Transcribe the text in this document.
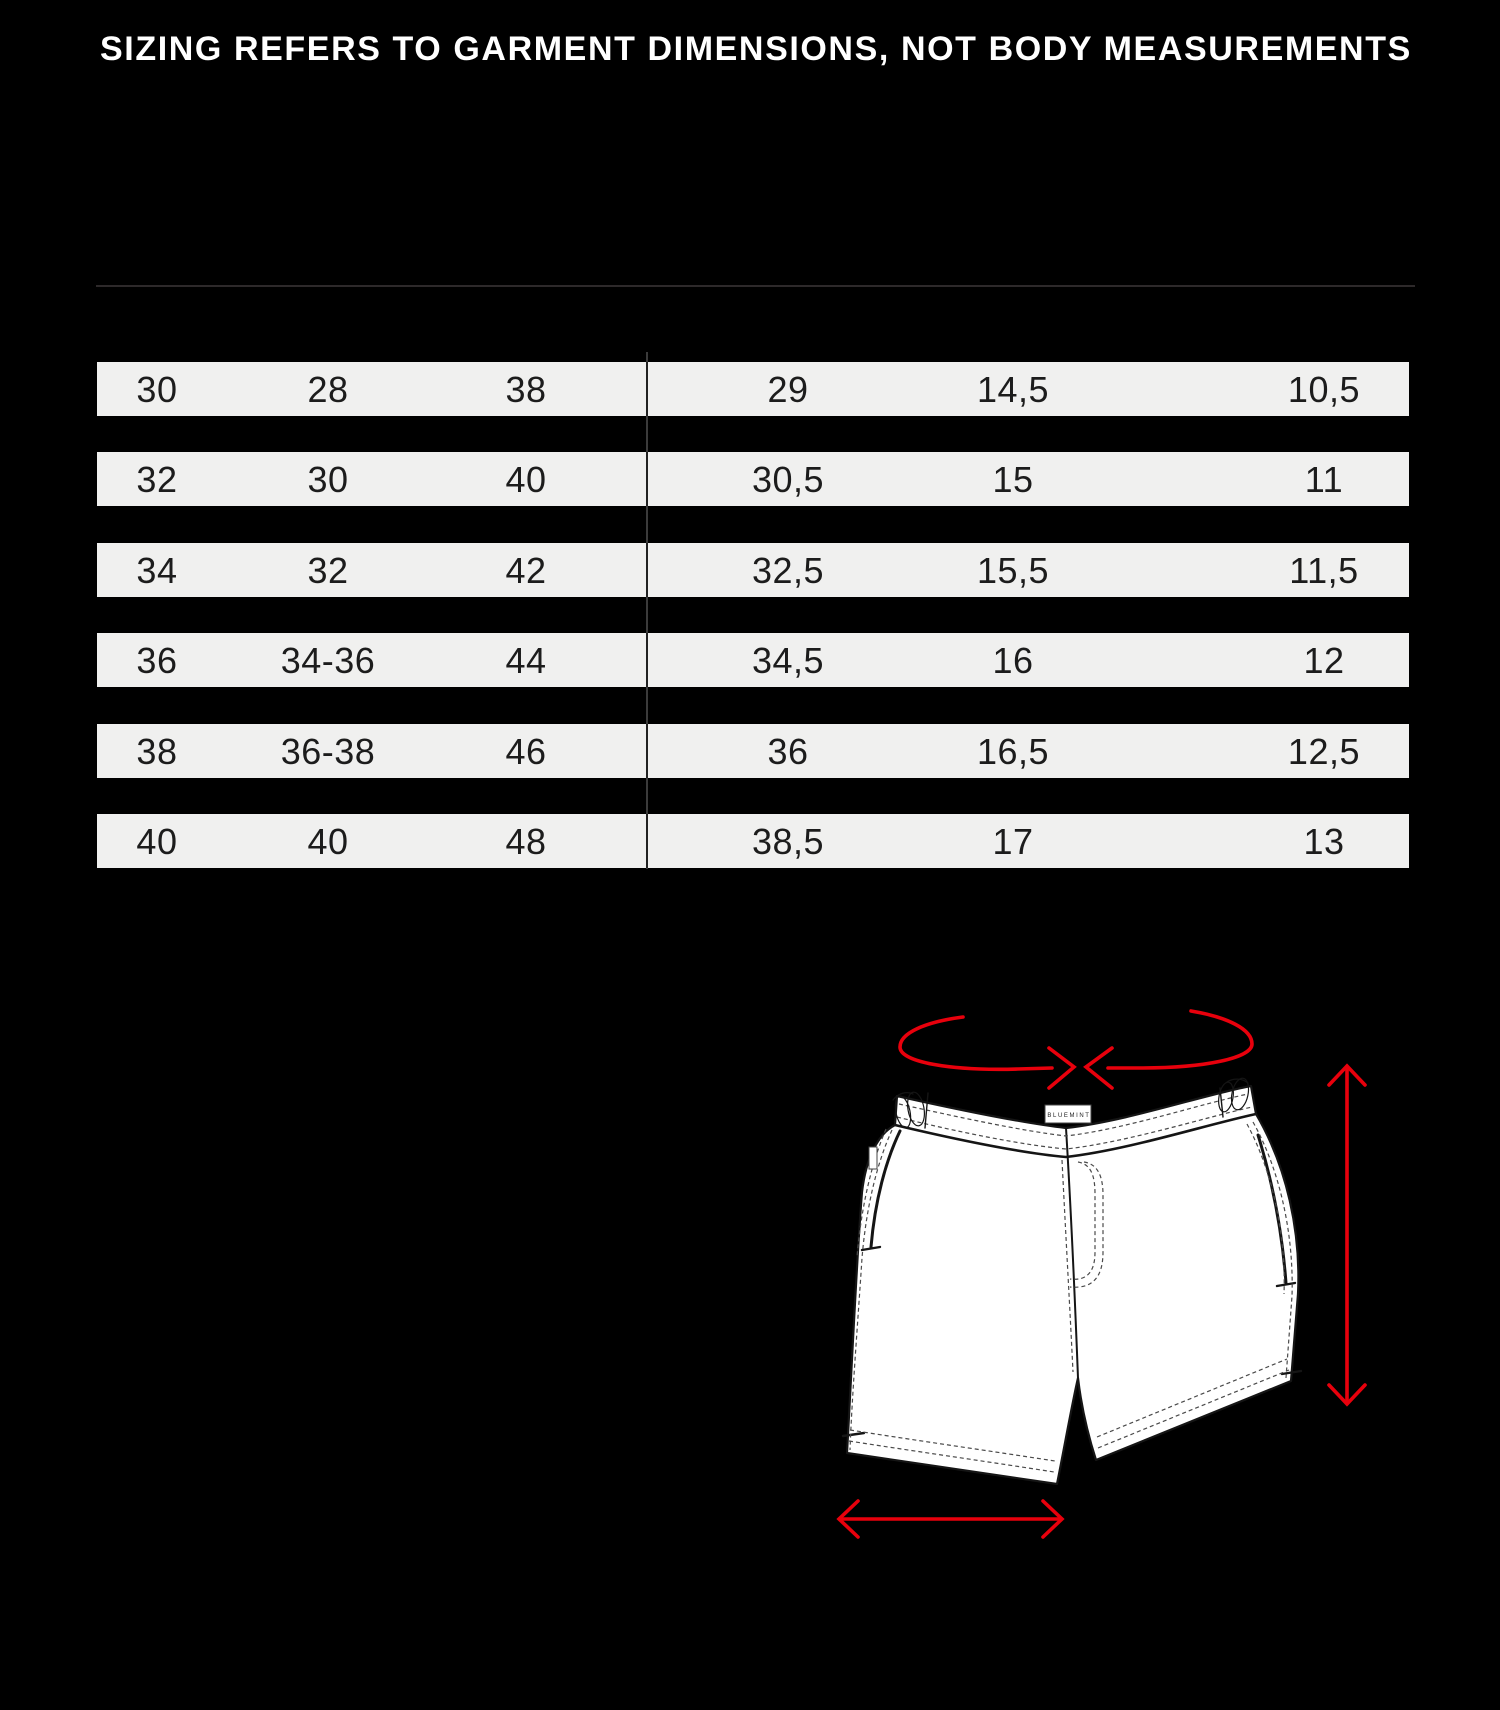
SIZING REFERS TO GARMENT DIMENSIONS, NOT BODY MEASUREMENTS
30	28	38	29	14,5	10,5
32	30	40	30,5	15	11
34	32	42	32,5	15,5	11,5
36	34-36	44	34,5	16	12
38	36-38	46	36	16,5	12,5
40	40	48	38,5	17	13
BLUEMINT
